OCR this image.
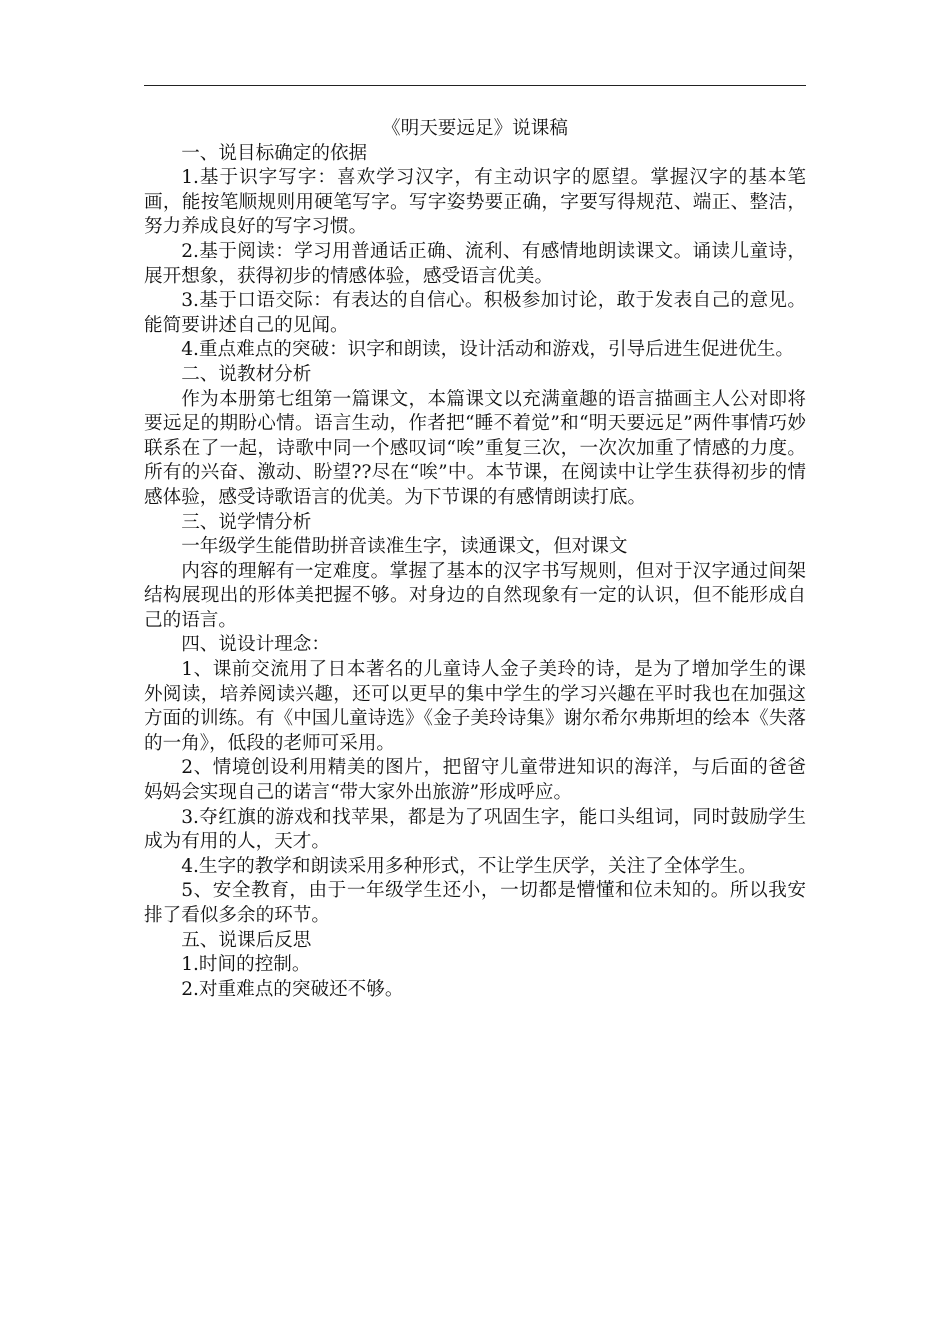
《明天要远足》说课稿

一、说目标确定的依据

1.基于识字写字：喜欢学习汉字，有主动识字的愿望。掌握汉字的基本笔画，能按笔顺规则用硬笔写字。写字姿势要正确，字要写得规范、端正、整洁，努力养成良好的写字习惯。

2.基于阅读：学习用普通话正确、流利、有感情地朗读课文。诵读儿童诗，展开想象，获得初步的情感体验，感受语言优美。

3.基于口语交际：有表达的自信心。积极参加讨论，敢于发表自己的意见。能简要讲述自己的见闻。

4.重点难点的突破：识字和朗读，设计活动和游戏，引导后进生促进优生。

二、说教材分析

作为本册第七组第一篇课文，本篇课文以充满童趣的语言描画主人公对即将要远足的期盼心情。语言生动，作者把“睡不着觉”和“明天要远足”两件事情巧妙联系在了一起，诗歌中同一个感叹词“唉”重复三次，一次次加重了情感的力度。所有的兴奋、激动、盼望??尽在“唉”中。本节课，在阅读中让学生获得初步的情感体验，感受诗歌语言的优美。为下节课的有感情朗读打底。

三、说学情分析

一年级学生能借助拼音读准生字，读通课文，但对课文

内容的理解有一定难度。掌握了基本的汉字书写规则，但对于汉字通过间架结构展现出的形体美把握不够。对身边的自然现象有一定的认识，但不能形成自己的语言。

四、说设计理念：

1、课前交流用了日本著名的儿童诗人金子美玲的诗，是为了增加学生的课外阅读，培养阅读兴趣，还可以更早的集中学生的学习兴趣在平时我也在加强这方面的训练。有《中国儿童诗选》《金子美玲诗集》谢尔希尔弗斯坦的绘本《失落的一角》，低段的老师可采用。

2、情境创设利用精美的图片，把留守儿童带进知识的海洋，与后面的爸爸妈妈会实现自己的诺言“带大家外出旅游”形成呼应。

3.夺红旗的游戏和找苹果，都是为了巩固生字，能口头组词，同时鼓励学生成为有用的人，天才。

4.生字的教学和朗读采用多种形式，不让学生厌学，关注了全体学生。

5、安全教育，由于一年级学生还小，一切都是懵懂和位未知的。所以我安排了看似多余的环节。

五、说课后反思

1.时间的控制。

2.对重难点的突破还不够。
